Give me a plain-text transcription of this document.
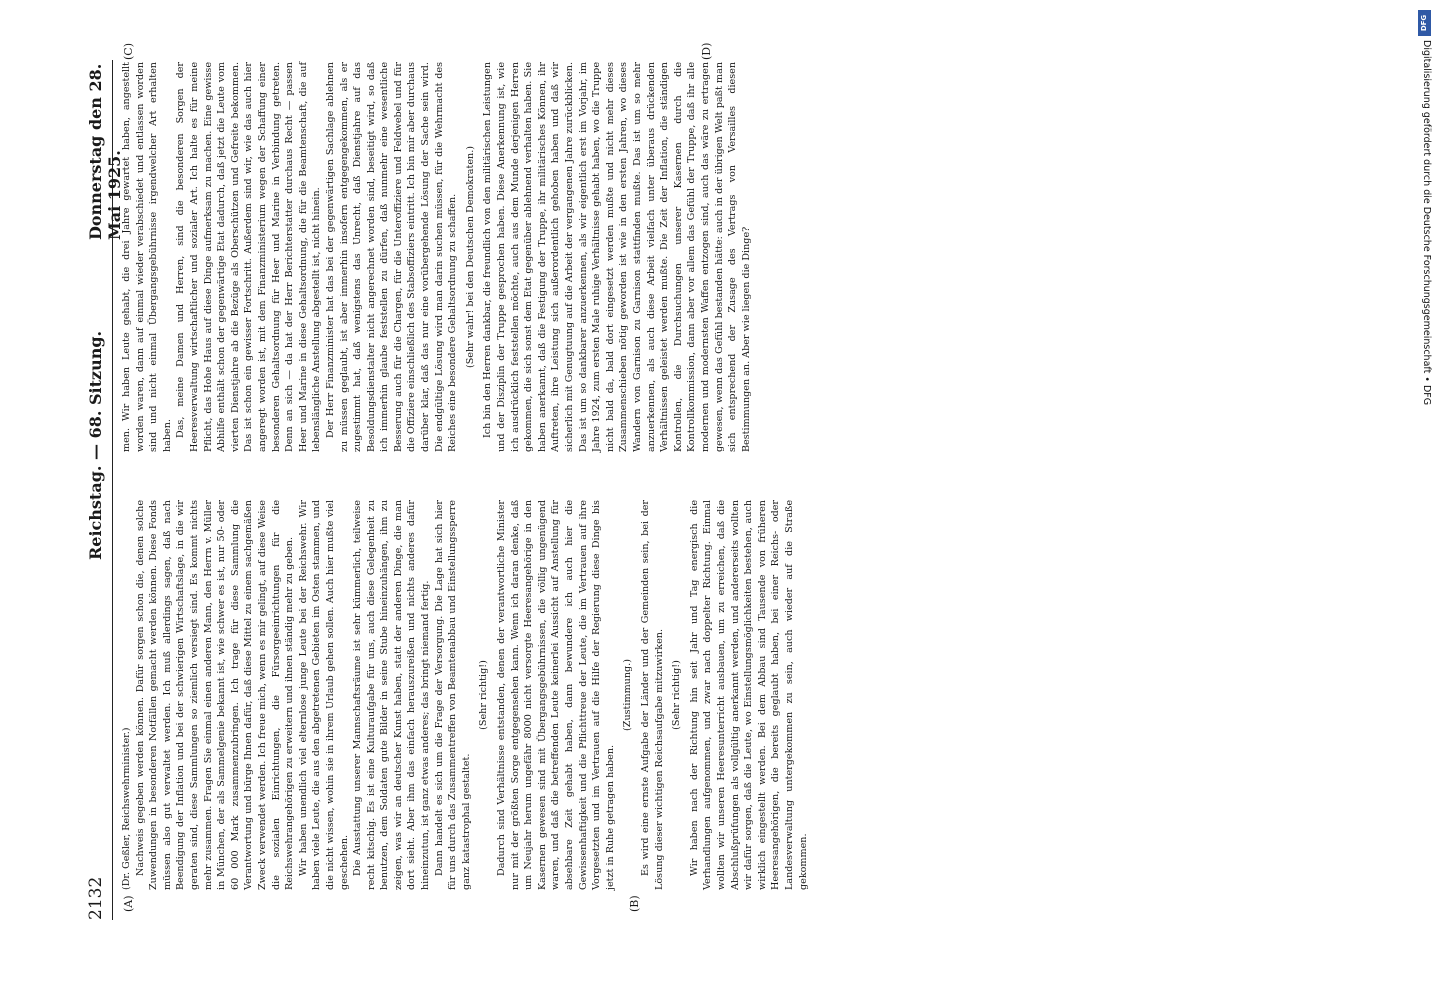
2132
Reichstag. — 68. Sitzung.
Donnerstag den 28. Mai 1925.
(A)	(B)
(C)	(D)

(Dr. Geßler, Reichswehrminister.) Nachweis gegeben werden können. Dafür sorgen schon die, denen solche Zuwendungen in besonderen Notfällen gemacht werden können. Diese Fonds müssen also gut verwaltet werden. Ich muß allerdings sagen, daß nach Beendigung der Inflation und bei der schwierigen Wirtschaftslage, in die wir geraten sind, diese Sammlungen so ziemlich versiegt sind. Es kommt nichts mehr zusammen. Fragen Sie einmal einen anderen Mann, den Herrn v. Müller in München, der als Sammelgenie bekannt ist, wie schwer es ist, nur 50- oder 60 000 Mark zusammenzubringen. Ich trage für diese Sammlung die Verantwortung und bürge Ihnen dafür, daß diese Mittel zu einem sachgemäßen Zweck verwendet werden. Ich freue mich, wenn es mir gelingt, auf diese Weise die sozialen Einrichtungen, die Fürsorgeeinrichtungen für die Reichswehrangehörigen zu erweitern und ihnen ständig mehr zu geben. Wir haben unendlich viel elternlose junge Leute bei der Reichswehr. Wir haben viele Leute, die aus den abgetretenen Gebieten im Osten stammen, und die nicht wissen, wohin sie in ihrem Urlaub gehen sollen. Auch hier mußte viel geschehen. Die Ausstattung unserer Mannschaftsräume ist sehr kümmerlich, teilweise recht kitschig. Es ist eine Kulturaufgabe für uns, auch diese Gelegenheit zu benutzen, dem Soldaten gute Bilder in seine Stube hineinzuhängen, ihm zu zeigen, was wir an deutscher Kunst haben, statt der anderen Dinge, die man dort sieht. Aber ihm das einfach herauszureißen und nichts anderes dafür hineinzutun, ist ganz etwas anderes; das bringt niemand fertig. Dann handelt es sich um die Frage der Versorgung. Die Lage hat sich hier für uns durch das Zusammentreffen von Beamtenabbau und Einstellungssperre ganz katastrophal gestaltet.

(Sehr richtig!) Dadurch sind Verhältnisse entstanden, denen der verantwortliche Minister nur mit der größten Sorge entgegensehen kann. Wenn ich daran denke, daß um Neujahr herum ungefähr 8000 nicht versorgte Heeresangehörige in den Kasernen gewesen sind mit Übergangsgebührnissen, die völlig ungenügend waren, und daß die betreffenden Leute keinerlei Aussicht auf Anstellung für absehbare Zeit gehabt haben, dann bewundere ich auch hier die Gewissenhaftigkeit und die Pflichttreue der Leute, die im Vertrauen auf ihre Vorgesetzten und im Vertrauen auf die Hilfe der Regierung diese Dinge bis jetzt in Ruhe getragen haben.

(Zustimmung.) Es wird eine ernste Aufgabe der Länder und der Gemeinden sein, bei der Lösung dieser wichtigen Reichsaufgabe mitzuwirken. (Sehr richtig!) Wir haben nach der Richtung hin seit Jahr und Tag energisch die Verhandlungen aufgenommen, und zwar nach doppelter Richtung. Einmal wollten wir unseren Heeresunterricht ausbauen, um zu erreichen, daß die Abschlußprüfungen als vollgültig anerkannt werden, und andererseits wollten wir dafür sorgen, daß die Leute, wo Einstellungsmöglichkeiten bestehen, auch wirklich eingestellt werden. Bei dem Abbau sind Tausende von früheren Heeresangehörigen, die bereits geglaubt haben, bei einer Reichs- oder Landesverwaltung untergekommen zu sein, auch wieder auf die Straße gekommen.

men. Wir haben Leute gehabt, die drei Jahre gewartet haben, angestellt worden waren, dann auf einmal wieder verabschiedet und entlassen worden sind und nicht einmal Übergangsgebührnisse irgendwelcher Art erhalten haben. Das, meine Damen und Herren, sind die besonderen Sorgen der Heeresverwaltung wirtschaftlicher und sozialer Art. Ich halte es für meine Pflicht, das Hohe Haus auf diese Dinge aufmerksam zu machen. Eine gewisse Abhilfe enthält schon der gegenwärtige Etat dadurch, daß jetzt die Leute vom vierten Dienstjahre ab die Bezüge als Oberschützen und Gefreite bekommen. Das ist schon ein gewisser Fortschritt. Außerdem sind wir, wie das auch hier angeregt worden ist, mit dem Finanzministerium wegen der Schaffung einer besonderen Gehaltsordnung für Heer und Marine in Verbindung getreten. Denn an sich — da hat der Herr Berichterstatter durchaus Recht — passen Heer und Marine in diese Gehaltsordnung, die für die Beamtenschaft, die auf lebenslängliche Anstellung abgestellt ist, nicht hinein. Der Herr Finanzminister hat das bei der gegenwärtigen Sachlage ablehnen zu müssen geglaubt, ist aber immerhin insofern entgegengekommen, als er zugestimmt hat, daß wenigstens das Unrecht, daß Dienstjahre auf das Besoldungsdienstalter nicht angerechnet worden sind, beseitigt wird, so daß ich immerhin glaube feststellen zu dürfen, daß nunmehr eine wesentliche Besserung auch für die Chargen, für die Unteroffiziere und Feldwebel und für die Offiziere einschließlich des Stabsoffiziers eintritt. Ich bin mir aber durchaus darüber klar, daß das nur eine vorübergehende Lösung der Sache sein wird. Die endgültige Lösung wird man darin suchen müssen, für die Wehrmacht des Reiches eine besondere Gehaltsordnung zu schaffen. (Sehr wahr! bei den Deutschen Demokraten.) Ich bin den Herren dankbar, die freundlich von den militärischen Leistungen und der Disziplin der Truppe gesprochen haben. Diese Anerkennung ist, wie ich ausdrücklich feststellen möchte, auch aus dem Munde derjenigen Herren gekommen, die sich sonst dem Etat gegenüber ablehnend verhalten haben. Sie haben anerkannt, daß die Festigung der Truppe, ihr militärisches Können, ihr Auftreten, ihre Leistung sich außerordentlich gehoben haben und daß wir sicherlich mit Genugtuung auf die Arbeit der vergangenen Jahre zurückblicken. Das ist um so dankbarer anzuerkennen, als wir eigentlich erst im Vorjahr, im Jahre 1924, zum ersten Male ruhige Verhältnisse gehabt haben, wo die Truppe nicht bald da, bald dort eingesetzt werden mußte und nicht mehr dieses Zusammenschieben nötig geworden ist wie in den ersten Jahren, wo dieses Wandern von Garnison zu Garnison stattfinden mußte. Das ist um so mehr anzuerkennen, als auch diese Arbeit vielfach unter überaus drückenden Verhältnissen geleistet werden mußte. Die Zeit der Inflation, die ständigen Kontrollen, die Durchsuchungen unserer Kasernen durch die Kontrollkommission, dann aber vor allem das Gefühl der Truppe, daß ihr alle modernen und modernsten Waffen entzogen sind, auch das wäre zu ertragen gewesen, wenn das Gefühl bestanden hätte: auch in der übrigen Welt paßt man sich entsprechend der Zusage des Vertrags von Versailles diesen Bestimmungen an. Aber wie liegen die Dinge?

DFG
Digitalisierung gefördert durch die Deutsche Forschungsgemeinschaft • DFG
